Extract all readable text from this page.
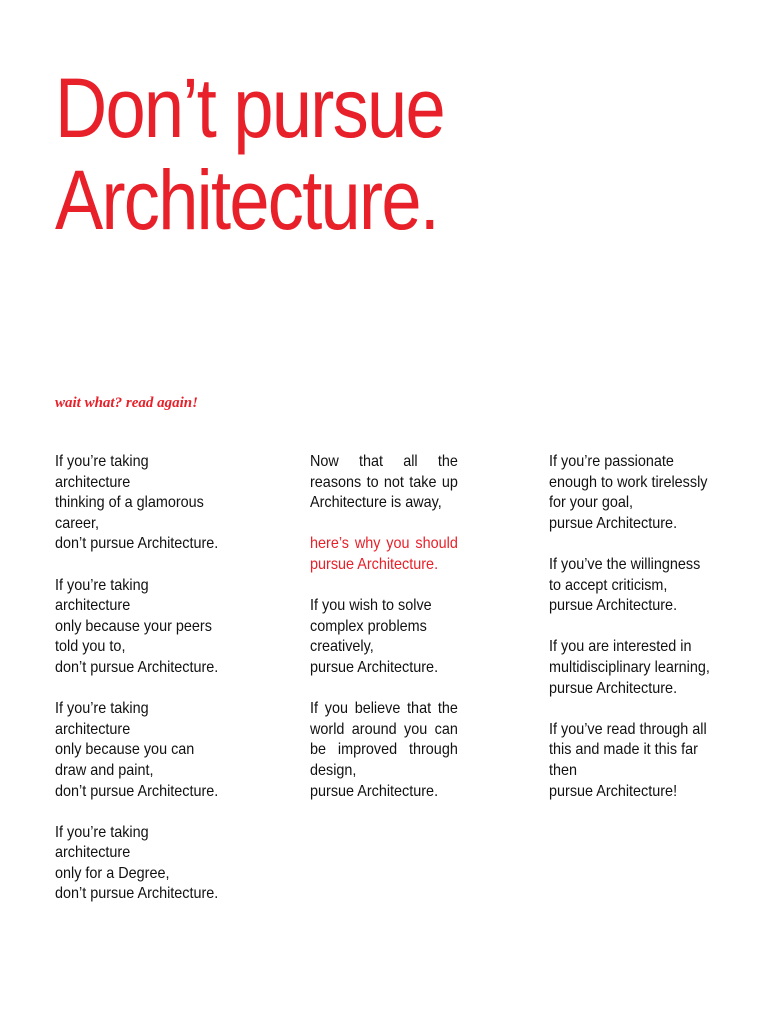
Don’t pursue
Architecture.
wait what? read again!

If you’re taking
architecture
thinking of a glamorous
career,
don’t pursue Architecture.

If you’re taking
architecture
only because your peers
told you to,
don’t pursue Architecture.

If you’re taking
architecture
only because you can
draw and paint,
don’t pursue Architecture.

If you’re taking
architecture
only for a Degree,
don’t pursue Architecture.

Now that all the reasons to not take up Architecture is away,

here’s why you should pursue Architecture.

If you wish to solve
complex problems
creatively,
pursue Architecture.

If you believe that the world around you can be improved through design,
pursue Architecture.

If you’re passionate
enough to work tirelessly
for your goal,
pursue Architecture.

If you’ve the willingness
to accept criticism,
pursue Architecture.

If you are interested in
multidisciplinary learning,
pursue Architecture.

If you’ve read through all
this and made it this far
then
pursue Architecture!
